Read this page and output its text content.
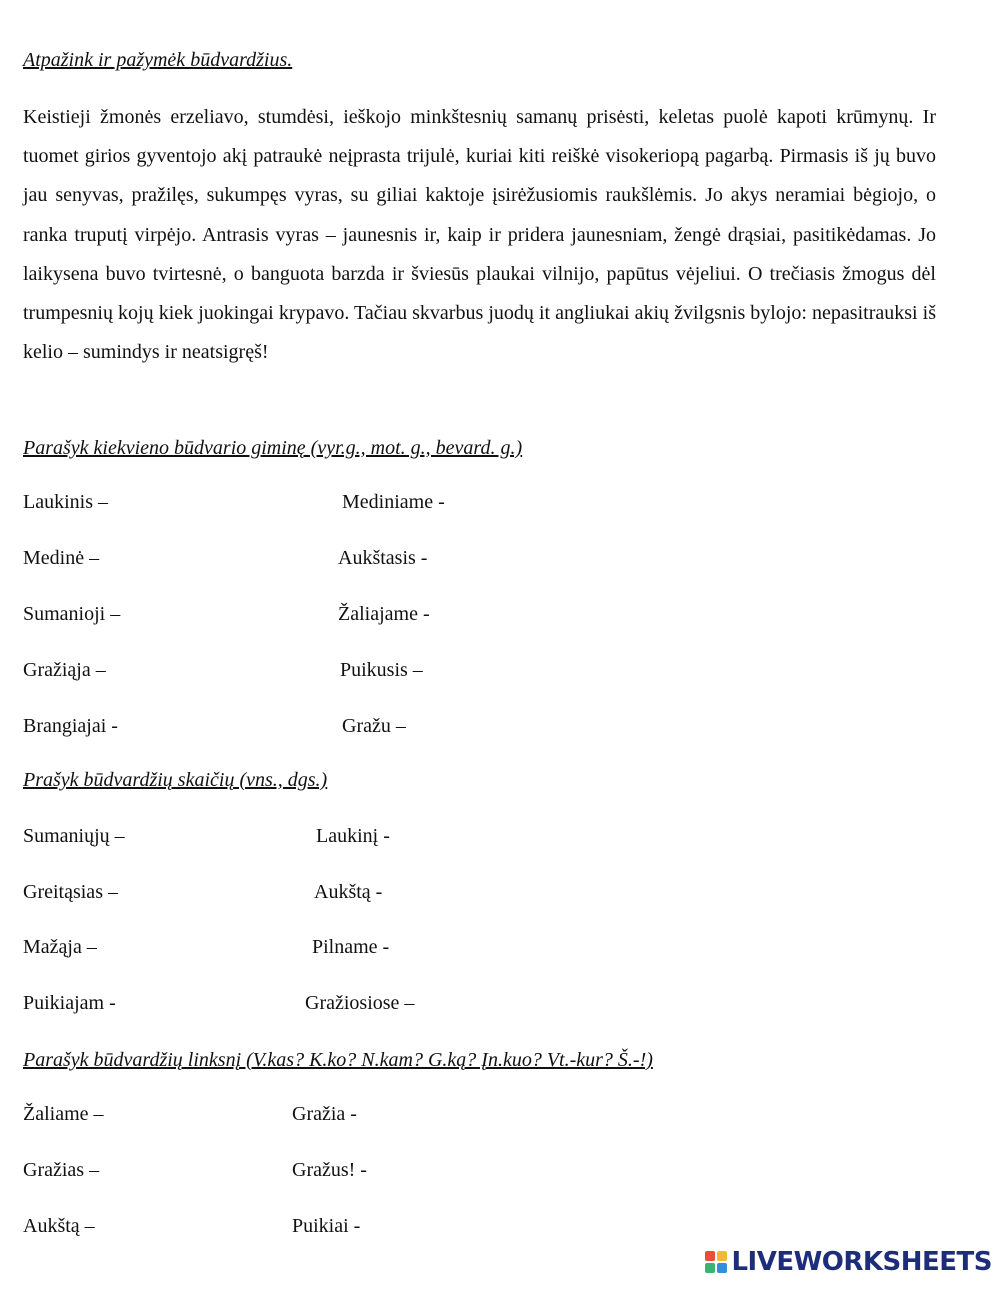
Atpažink ir pažymėk būdvardžius.

Keistieji žmonės erzeliavo, stumdėsi, ieškojo minkštesnių samanų prisėsti, keletas puolė kapoti krūmynų. Ir tuomet girios gyventojo akį patraukė neįprasta trijulė, kuriai kiti reiškė visokeriopą pagarbą. Pirmasis iš jų buvo jau senyvas, pražilęs, sukumpęs vyras, su giliai kaktoje įsirėžusiomis raukšlėmis. Jo akys neramiai bėgiojo, o ranka truputį virpėjo. Antrasis vyras – jaunesnis ir, kaip ir pridera jaunesniam, žengė drąsiai, pasitikėdamas. Jo laikysena buvo tvirtesnė, o banguota barzda ir šviesūs plaukai vilnijo, papūtus vėjeliui. O trečiasis žmogus dėl trumpesnių kojų kiek juokingai krypavo. Tačiau skvarbus juodų it angliukai akių žvilgsnis bylojo: nepasitrauksi iš kelio – sumindys ir neatsigręš!

Parašyk kiekvieno būdvario giminę (vyr.g., mot. g., bevard. g.)
Laukinis –
Medinė –
Sumanioji –
Gražiąja –
Brangiajai -
Mediniame -
Aukštasis -
Žaliajame -
Puikusis –
Gražu –
Prašyk būdvardžių skaičių (vns., dgs.)
Sumaniųjų –
Greitąsias –
Mažąja –
Puikiajam -
Laukinį -
Aukštą -
Pilname -
Gražiosiose –
Parašyk būdvardžių linksnį (V.kas? K.ko? N.kam? G.ką? Įn.kuo? Vt.-kur? Š.-!)
Žaliame –
Gražias –
Aukštą –
Gražia -
Gražus! -
Puikiai -
LIVEWORKSHEETS
